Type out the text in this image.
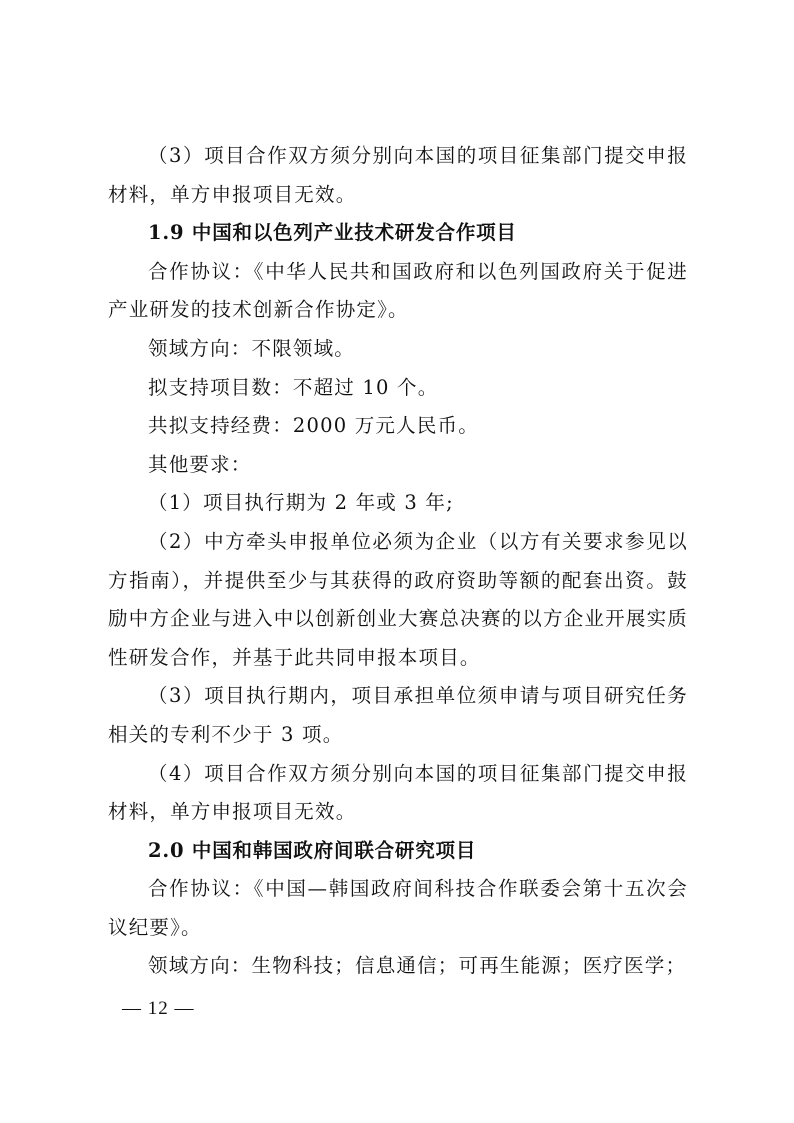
（3）项目合作双方须分别向本国的项目征集部门提交申报材料，单方申报项目无效。

1.9 中国和以色列产业技术研发合作项目

合作协议：《中华人民共和国政府和以色列国政府关于促进产业研发的技术创新合作协定》。

领域方向：不限领域。

拟支持项目数：不超过 10 个。

共拟支持经费：2000 万元人民币。

其他要求：

（1）项目执行期为 2 年或 3 年;

（2）中方牵头申报单位必须为企业（以方有关要求参见以方指南），并提供至少与其获得的政府资助等额的配套出资。鼓励中方企业与进入中以创新创业大赛总决赛的以方企业开展实质性研发合作，并基于此共同申报本项目。

（3）项目执行期内，项目承担单位须申请与项目研究任务相关的专利不少于 3 项。

（4）项目合作双方须分别向本国的项目征集部门提交申报材料，单方申报项目无效。

2.0 中国和韩国政府间联合研究项目

合作协议：《中国—韩国政府间科技合作联委会第十五次会议纪要》。

领域方向：生物科技；信息通信；可再生能源；医疗医学；

— 12 —
